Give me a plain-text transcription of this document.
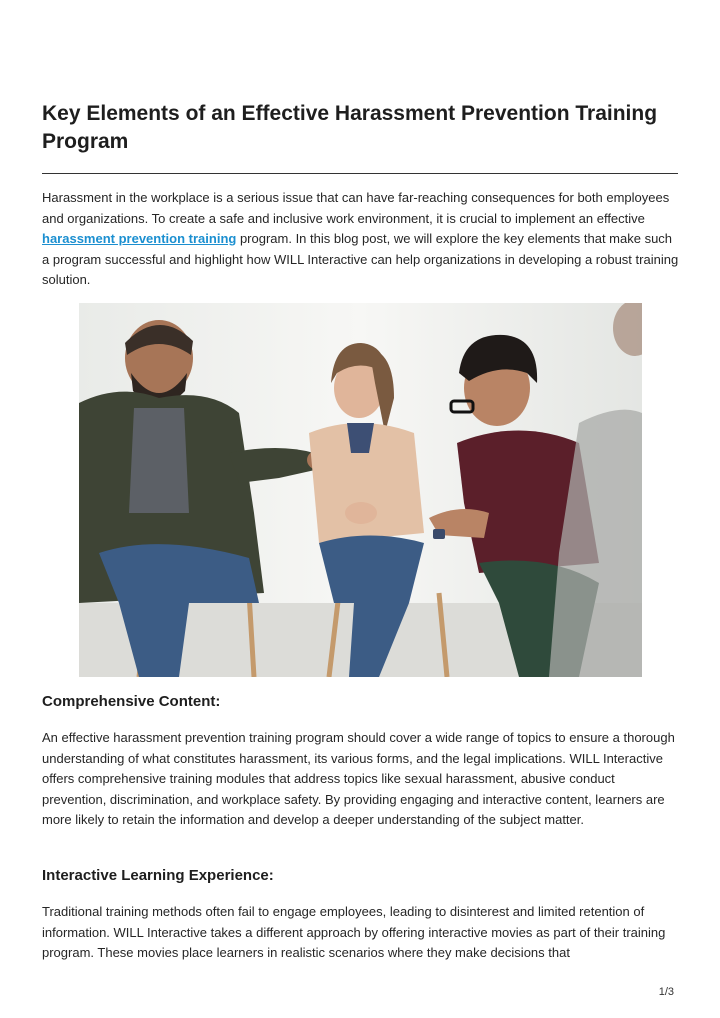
Key Elements of an Effective Harassment Prevention Training Program

Harassment in the workplace is a serious issue that can have far-reaching consequences for both employees and organizations. To create a safe and inclusive work environment, it is crucial to implement an effective harassment prevention training program. In this blog post, we will explore the key elements that make such a program successful and highlight how WILL Interactive can help organizations in developing a robust training solution.

Comprehensive Content:

An effective harassment prevention training program should cover a wide range of topics to ensure a thorough understanding of what constitutes harassment, its various forms, and the legal implications. WILL Interactive offers comprehensive training modules that address topics like sexual harassment, abusive conduct prevention, discrimination, and workplace safety. By providing engaging and interactive content, learners are more likely to retain the information and develop a deeper understanding of the subject matter.

Interactive Learning Experience:

Traditional training methods often fail to engage employees, leading to disinterest and limited retention of information. WILL Interactive takes a different approach by offering interactive movies as part of their training program. These movies place learners in realistic scenarios where they make decisions that

1/3
